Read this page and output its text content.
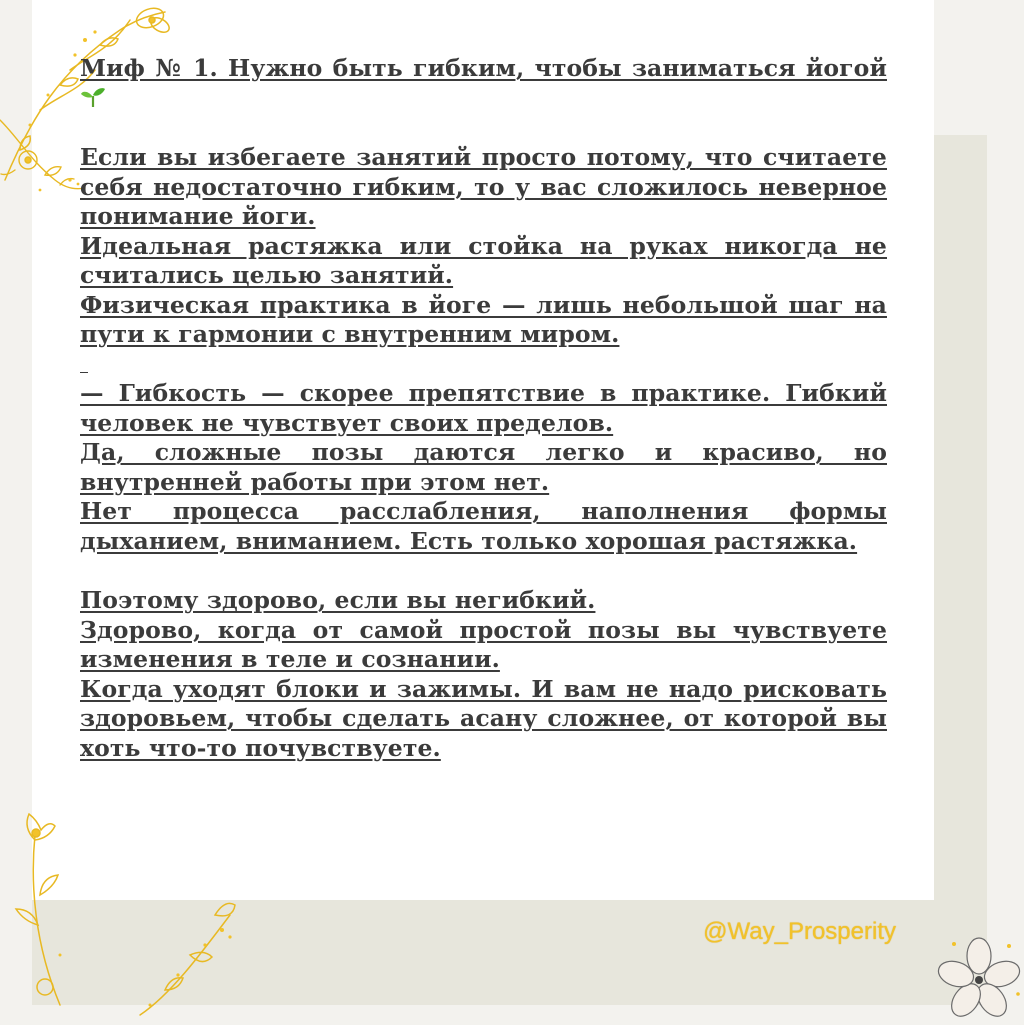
Миф № 1. Нужно быть гибким, чтобы заниматься йогой

Если вы избегаете занятий просто потому, что считаете себя недостаточно гибким, то у вас сложилось неверное понимание йоги.

Идеальная растяжка или стойка на руках никогда не считались целью занятий.

Физическая практика в йоге — лишь небольшой шаг на пути к гармонии с внутренним миром.

— Гибкость — скорее препятствие в практике. Гибкий человек не чувствует своих пределов.

Да, сложные позы даются легко и красиво, но внутренней работы при этом нет.

Нет процесса расслабления, наполнения формы дыханием, вниманием. Есть только хорошая растяжка.

Поэтому здорово, если вы негибкий.

Здорово, когда от самой простой позы вы чувствуете изменения в теле и сознании.

Когда уходят блоки и зажимы. И вам не надо рисковать здоровьем, чтобы сделать асану сложнее, от которой вы хоть что-то почувствуете.

@Way_Prosperity
